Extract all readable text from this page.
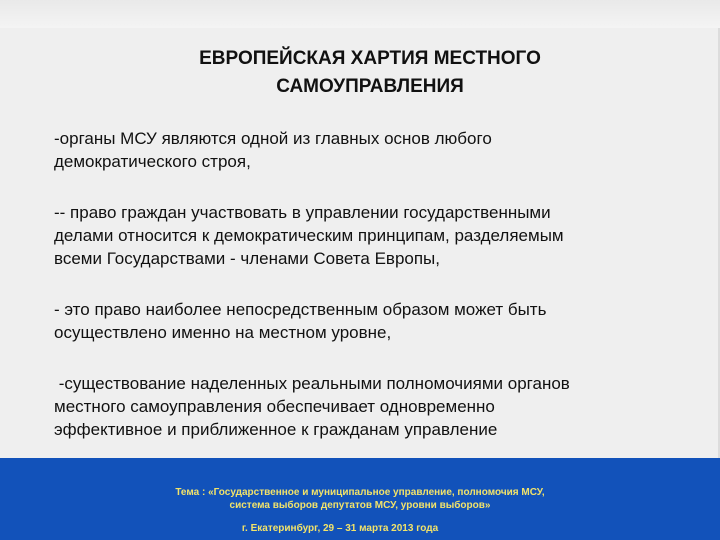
ЕВРОПЕЙСКАЯ ХАРТИЯ МЕСТНОГО
САМОУПРАВЛЕНИЯ
-органы МСУ являются одной из главных основ любого
демократического строя,
-- право граждан участвовать в управлении государственными
делами относится к демократическим принципам, разделяемым
всеми Государствами - членами Совета Европы,
- это право наиболее непосредственным образом может быть
осуществлено именно на местном уровне,
-существование наделенных реальными полномочиями органов
местного самоуправления обеспечивает одновременно
эффективное и приближенное к гражданам управление
Тема : «Государственное и муниципальное управление, полномочия МСУ,
система выборов депутатов МСУ, уровни выборов»
г. Екатеринбург, 29 – 31 марта 2013 года
